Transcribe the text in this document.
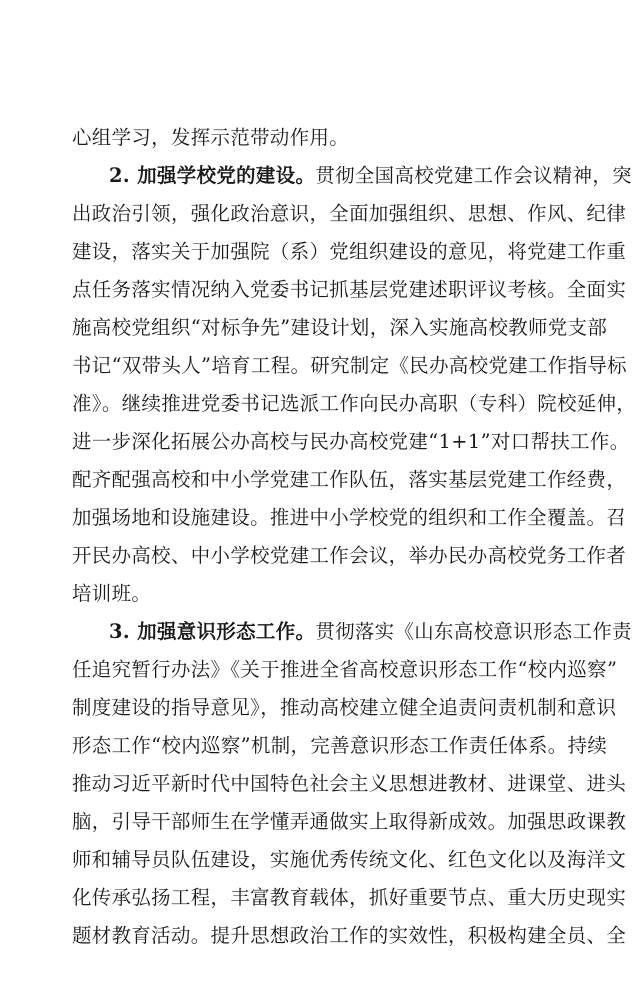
心组学习，发挥示范带动作用。
2. 加强学校党的建设。贯彻全国高校党建工作会议精神，突
出政治引领，强化政治意识，全面加强组织、思想、作风、纪律
建设，落实关于加强院（系）党组织建设的意见，将党建工作重
点任务落实情况纳入党委书记抓基层党建述职评议考核。全面实
施高校党组织“对标争先”建设计划，深入实施高校教师党支部
书记“双带头人”培育工程。研究制定《民办高校党建工作指导标
准》。继续推进党委书记选派工作向民办高职（专科）院校延伸，
进一步深化拓展公办高校与民办高校党建“1+1”对口帮扶工作。
配齐配强高校和中小学党建工作队伍，落实基层党建工作经费，
加强场地和设施建设。推进中小学校党的组织和工作全覆盖。召
开民办高校、中小学校党建工作会议，举办民办高校党务工作者
培训班。
3. 加强意识形态工作。贯彻落实《山东高校意识形态工作责
任追究暂行办法》《关于推进全省高校意识形态工作“校内巡察”
制度建设的指导意见》，推动高校建立健全追责问责机制和意识
形态工作“校内巡察”机制，完善意识形态工作责任体系。持续
推动习近平新时代中国特色社会主义思想进教材、进课堂、进头
脑，引导干部师生在学懂弄通做实上取得新成效。加强思政课教
师和辅导员队伍建设，实施优秀传统文化、红色文化以及海洋文
化传承弘扬工程，丰富教育载体，抓好重要节点、重大历史现实
题材教育活动。提升思想政治工作的实效性，积极构建全员、全
